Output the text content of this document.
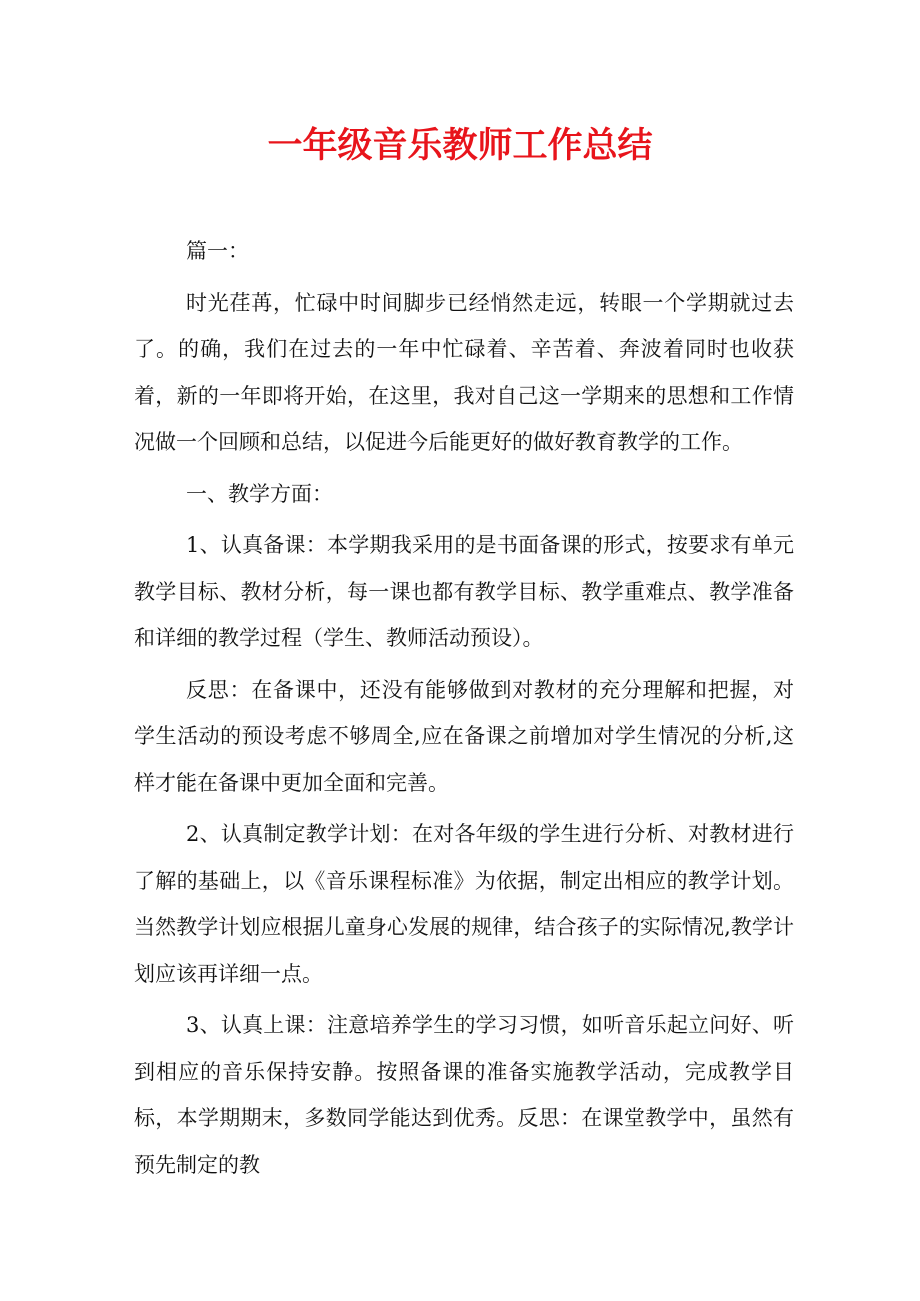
一年级音乐教师工作总结

篇一：

时光荏苒，忙碌中时间脚步已经悄然走远，转眼一个学期就过去了。的确，我们在过去的一年中忙碌着、辛苦着、奔波着同时也收获着，新的一年即将开始，在这里，我对自己这一学期来的思想和工作情况做一个回顾和总结，以促进今后能更好的做好教育教学的工作。

一、教学方面：

1、认真备课：本学期我采用的是书面备课的形式，按要求有单元教学目标、教材分析，每一课也都有教学目标、教学重难点、教学准备和详细的教学过程（学生、教师活动预设）。

反思：在备课中，还没有能够做到对教材的充分理解和把握，对学生活动的预设考虑不够周全,应在备课之前增加对学生情况的分析,这样才能在备课中更加全面和完善。

2、认真制定教学计划：在对各年级的学生进行分析、对教材进行了解的基础上，以《音乐课程标准》为依据，制定出相应的教学计划。当然教学计划应根据儿童身心发展的规律，结合孩子的实际情况,教学计划应该再详细一点。

3、认真上课：注意培养学生的学习习惯，如听音乐起立问好、听到相应的音乐保持安静。按照备课的准备实施教学活动，完成教学目标，本学期期末，多数同学能达到优秀。反思：在课堂教学中，虽然有预先制定的教
